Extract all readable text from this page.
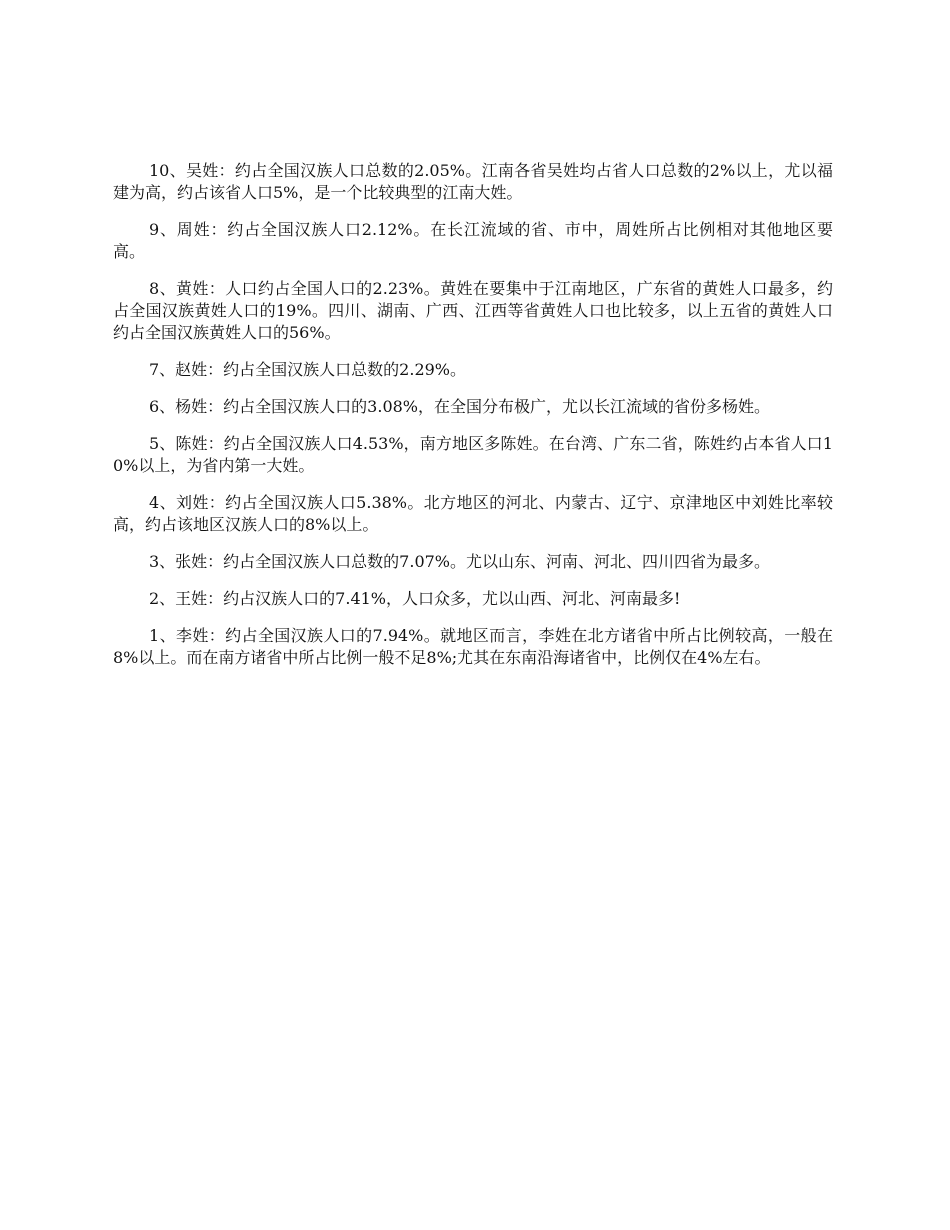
10、吴姓：约占全国汉族人口总数的2.05%。江南各省吴姓均占省人口总数的2%以上，尤以福建为高，约占该省人口5%，是一个比较典型的江南大姓。

9、周姓：约占全国汉族人口2.12%。在长江流域的省、市中，周姓所占比例相对其他地区要高。

8、黄姓：人口约占全国人口的2.23%。黄姓在要集中于江南地区，广东省的黄姓人口最多，约占全国汉族黄姓人口的19%。四川、湖南、广西、江西等省黄姓人口也比较多，以上五省的黄姓人口约占全国汉族黄姓人口的56%。

7、赵姓：约占全国汉族人口总数的2.29%。

6、杨姓：约占全国汉族人口的3.08%，在全国分布极广，尤以长江流域的省份多杨姓。

5、陈姓：约占全国汉族人口4.53%，南方地区多陈姓。在台湾、广东二省，陈姓约占本省人口10%以上，为省内第一大姓。

4、刘姓：约占全国汉族人口5.38%。北方地区的河北、内蒙古、辽宁、京津地区中刘姓比率较高，约占该地区汉族人口的8%以上。

3、张姓：约占全国汉族人口总数的7.07%。尤以山东、河南、河北、四川四省为最多。

2、王姓：约占汉族人口的7.41%，人口众多，尤以山西、河北、河南最多!

1、李姓：约占全国汉族人口的7.94%。就地区而言，李姓在北方诸省中所占比例较高，一般在8%以上。而在南方诸省中所占比例一般不足8%;尤其在东南沿海诸省中，比例仅在4%左右。
